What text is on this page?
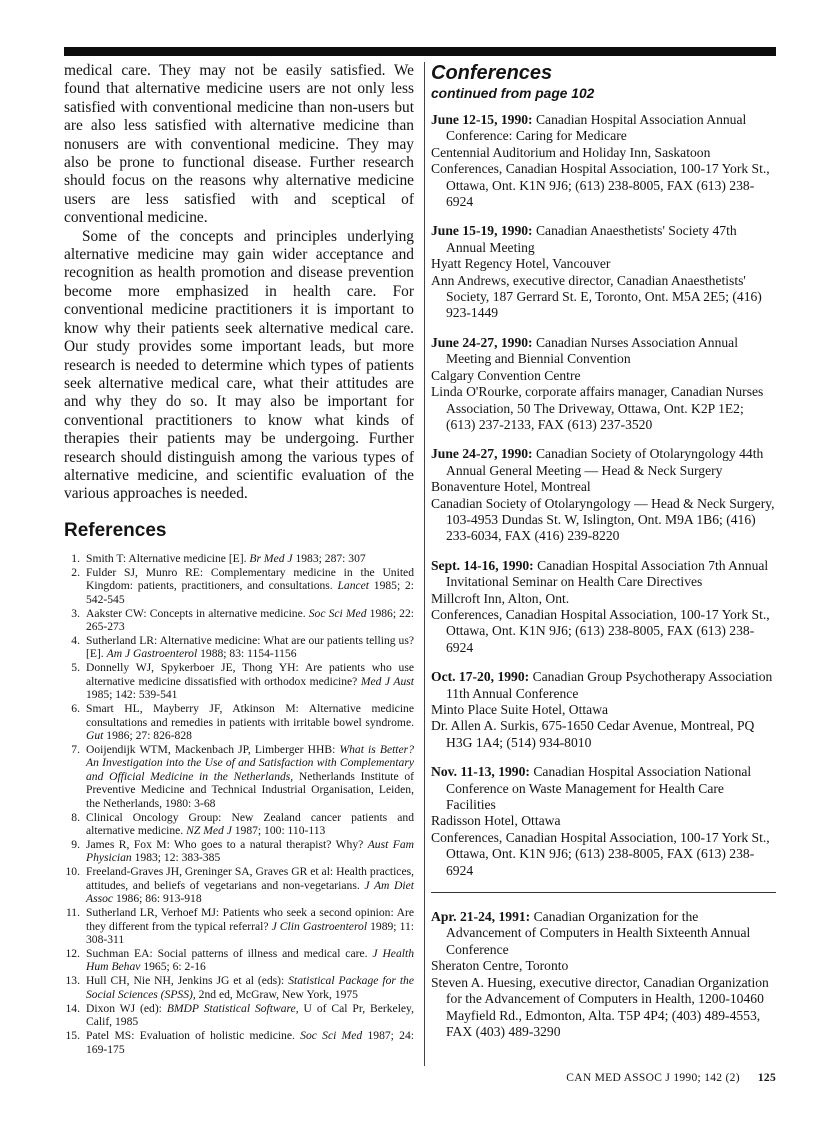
medical care. They may not be easily satisfied. We found that alternative medicine users are not only less satisfied with conventional medicine than non-users but are also less satisfied with alternative medicine than nonusers are with conventional medicine. They may also be prone to functional disease. Further research should focus on the reasons why alternative medicine users are less satisfied with and sceptical of conventional medicine.

Some of the concepts and principles underlying alternative medicine may gain wider acceptance and recognition as health promotion and disease prevention become more emphasized in health care. For conventional medicine practitioners it is important to know why their patients seek alternative medical care. Our study provides some important leads, but more research is needed to determine which types of patients seek alternative medical care, what their attitudes are and why they do so. It may also be important for conventional practitioners to know what kinds of therapies their patients may be undergoing. Further research should distinguish among the various types of alternative medicine, and scientific evaluation of the various approaches is needed.

References
1. Smith T: Alternative medicine [E]. Br Med J 1983; 287: 307
2. Fulder SJ, Munro RE: Complementary medicine in the United Kingdom: patients, practitioners, and consultations. Lancet 1985; 2: 542-545
3. Aakster CW: Concepts in alternative medicine. Soc Sci Med 1986; 22: 265-273
4. Sutherland LR: Alternative medicine: What are our patients telling us? [E]. Am J Gastroenterol 1988; 83: 1154-1156
5. Donnelly WJ, Spykerboer JE, Thong YH: Are patients who use alternative medicine dissatisfied with orthodox medicine? Med J Aust 1985; 142: 539-541
6. Smart HL, Mayberry JF, Atkinson M: Alternative medicine consultations and remedies in patients with irritable bowel syndrome. Gut 1986; 27: 826-828
7. Ooijendijk WTM, Mackenbach JP, Limberger HHB: What is Better? An Investigation into the Use of and Satisfaction with Complementary and Official Medicine in the Netherlands, Netherlands Institute of Preventive Medicine and Technical Industrial Organisation, Leiden, the Netherlands, 1980: 3-68
8. Clinical Oncology Group: New Zealand cancer patients and alternative medicine. NZ Med J 1987; 100: 110-113
9. James R, Fox M: Who goes to a natural therapist? Why? Aust Fam Physician 1983; 12: 383-385
10. Freeland-Graves JH, Greninger SA, Graves GR et al: Health practices, attitudes, and beliefs of vegetarians and non-vegetarians. J Am Diet Assoc 1986; 86: 913-918
11. Sutherland LR, Verhoef MJ: Patients who seek a second opinion: Are they different from the typical referral? J Clin Gastroenterol 1989; 11: 308-311
12. Suchman EA: Social patterns of illness and medical care. J Health Hum Behav 1965; 6: 2-16
13. Hull CH, Nie NH, Jenkins JG et al (eds): Statistical Package for the Social Sciences (SPSS), 2nd ed, McGraw, New York, 1975
14. Dixon WJ (ed): BMDP Statistical Software, U of Cal Pr, Berkeley, Calif, 1985
15. Patel MS: Evaluation of holistic medicine. Soc Sci Med 1987; 24: 169-175
Conferences
continued from page 102
June 12-15, 1990: Canadian Hospital Association Annual Conference: Caring for Medicare
Centennial Auditorium and Holiday Inn, Saskatoon
Conferences, Canadian Hospital Association, 100-17 York St., Ottawa, Ont. K1N 9J6; (613) 238-8005, FAX (613) 238-6924
June 15-19, 1990: Canadian Anaesthetists' Society 47th Annual Meeting
Hyatt Regency Hotel, Vancouver
Ann Andrews, executive director, Canadian Anaesthetists' Society, 187 Gerrard St. E, Toronto, Ont. M5A 2E5; (416) 923-1449
June 24-27, 1990: Canadian Nurses Association Annual Meeting and Biennial Convention
Calgary Convention Centre
Linda O'Rourke, corporate affairs manager, Canadian Nurses Association, 50 The Driveway, Ottawa, Ont. K2P 1E2; (613) 237-2133, FAX (613) 237-3520
June 24-27, 1990: Canadian Society of Otolaryngology 44th Annual General Meeting — Head & Neck Surgery
Bonaventure Hotel, Montreal
Canadian Society of Otolaryngology — Head & Neck Surgery, 103-4953 Dundas St. W, Islington, Ont. M9A 1B6; (416) 233-6034, FAX (416) 239-8220
Sept. 14-16, 1990: Canadian Hospital Association 7th Annual Invitational Seminar on Health Care Directives
Millcroft Inn, Alton, Ont.
Conferences, Canadian Hospital Association, 100-17 York St., Ottawa, Ont. K1N 9J6; (613) 238-8005, FAX (613) 238-6924
Oct. 17-20, 1990: Canadian Group Psychotherapy Association 11th Annual Conference
Minto Place Suite Hotel, Ottawa
Dr. Allen A. Surkis, 675-1650 Cedar Avenue, Montreal, PQ H3G 1A4; (514) 934-8010
Nov. 11-13, 1990: Canadian Hospital Association National Conference on Waste Management for Health Care Facilities
Radisson Hotel, Ottawa
Conferences, Canadian Hospital Association, 100-17 York St., Ottawa, Ont. K1N 9J6; (613) 238-8005, FAX (613) 238-6924
Apr. 21-24, 1991: Canadian Organization for the Advancement of Computers in Health Sixteenth Annual Conference
Sheraton Centre, Toronto
Steven A. Huesing, executive director, Canadian Organization for the Advancement of Computers in Health, 1200-10460 Mayfield Rd., Edmonton, Alta. T5P 4P4; (403) 489-4553, FAX (403) 489-3290
CAN MED ASSOC J 1990; 142 (2) 125
